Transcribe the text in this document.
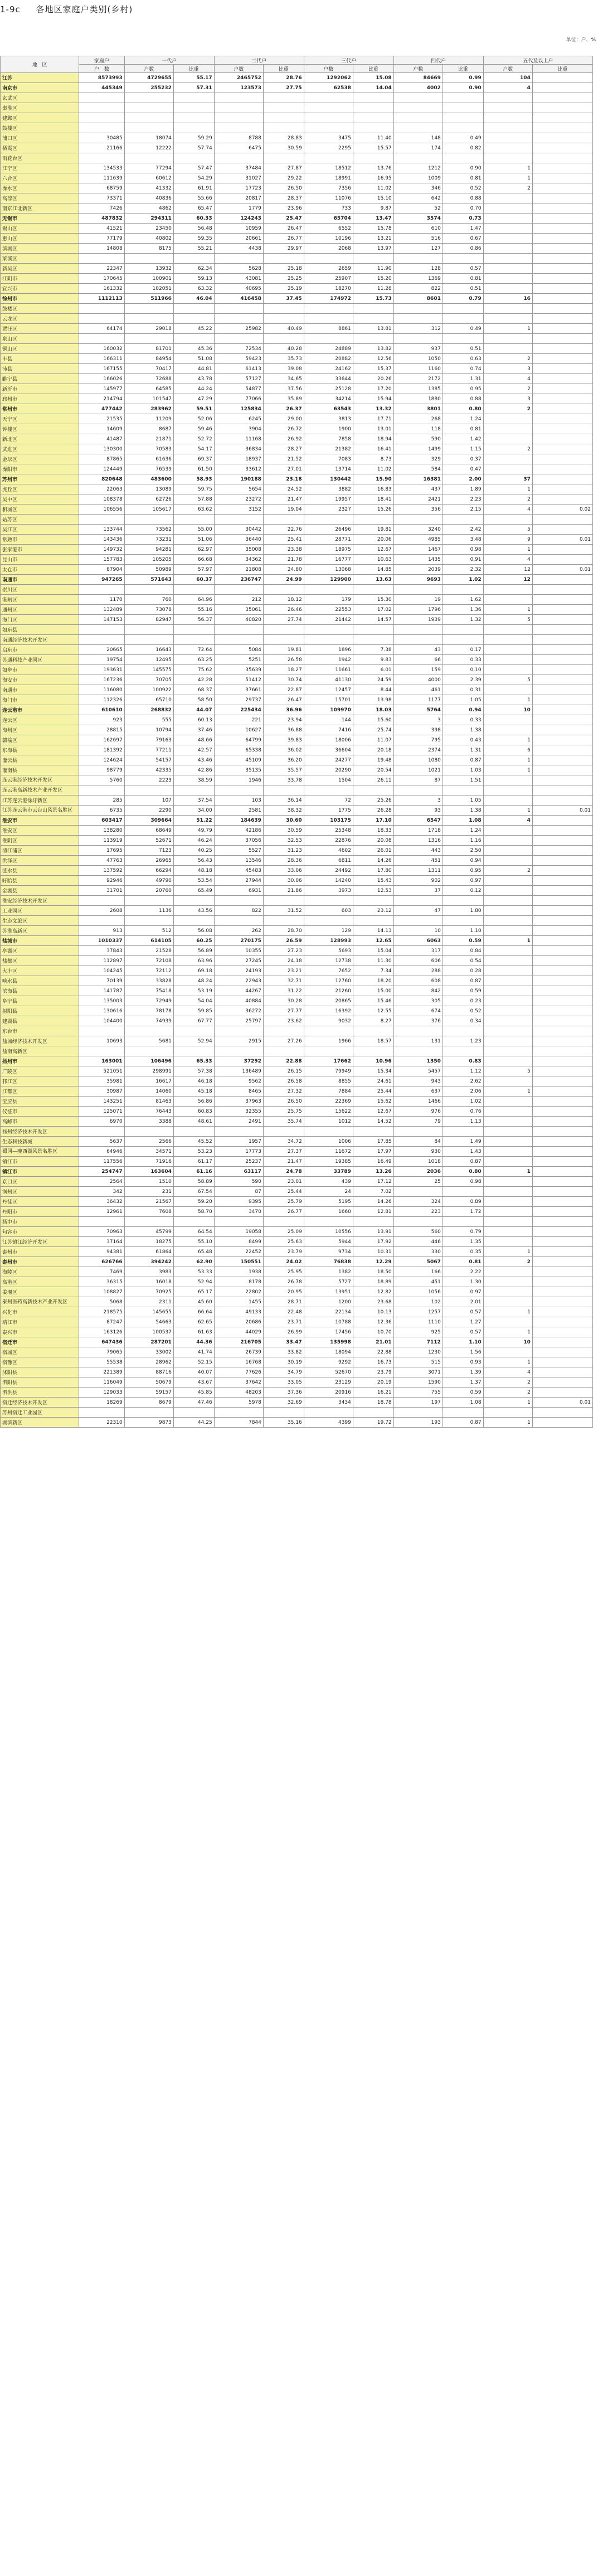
1-9c 各地区家庭户类别(乡村)
单位：户、%
地　区	家庭户	一代户		二代户		三代户		四代户		五代及以上户	
	户　数	户数	比重	户数	比重	户数	比重	户数	比重	户数	比重
江苏	8573993	4729655	55.17	2465752	28.76	1292062	15.08	84669	0.99	104	
南京市	445349	255232	57.31	123573	27.75	62538	14.04	4002	0.90	4	
玄武区											
秦淮区											
建邺区											
鼓楼区											
浦口区	30485	18074	59.29	8788	28.83	3475	11.40	148	0.49		
栖霞区	21166	12222	57.74	6475	30.59	2295	15.57	174	0.82		
雨花台区											
江宁区	134533	77294	57.47	37484	27.87	18512	13.76	1212	0.90	1	
六合区	111639	60612	54.29	31027	29.22	18991	16.95	1009	0.81	1	
溧水区	68759	41332	61.91	17723	26.50	7356	11.02	346	0.52	2	
高淳区	73371	40836	55.66	20817	28.37	11076	15.10	642	0.88		
南京江北新区	7426	4862	65.47	1779	23.96	733	9.87	52	0.70		
无锡市	487832	294311	60.33	124243	25.47	65704	13.47	3574	0.73		
锡山区	41521	23450	56.48	10959	26.47	6552	15.78	610	1.47		
惠山区	77179	40802	59.35	20661	26.77	10196	13.21	516	0.67		
滨湖区	14808	8175	55.21	4438	29.97	2068	13.97	127	0.86		
梁溪区											
新吴区	22347	13932	62.34	5628	25.18	2659	11.90	128	0.57		
江阴市	170645	100901	59.13	43081	25.25	25907	15.20	1369	0.81		
宜兴市	161332	102051	63.32	40695	25.19	18270	11.28	822	0.51		
徐州市	1112113	511966	46.04	416458	37.45	174972	15.73	8601	0.79	16	
鼓楼区											
云龙区											
贾汪区	64174	29018	45.22	25982	40.49	8861	13.81	312	0.49	1	
泉山区											
铜山区	160032	81701	45.36	72534	40.28	24889	13.82	937	0.51		
丰县	166311	84954	51.08	59423	35.73	20882	12.56	1050	0.63	2	
沛县	167155	70417	44.81	61413	39.08	24162	15.37	1160	0.74	3	
睢宁县	166026	72688	43.78	57127	34.65	33644	20.26	2172	1.31	4	
新沂市	145977	64585	44.24	54877	37.56	25128	17.20	1385	0.95	2	
邳州市	214794	101547	47.29	77066	35.89	34214	15.94	1880	0.88	3	
常州市	477442	283962	59.51	125834	26.37	63543	13.32	3801	0.80	2	
天宁区	21535	11209	52.06	6245	29.00	3813	17.71	268	1.24		
钟楼区	14609	8687	59.46	3904	26.72	1900	13.01	118	0.81		
新北区	41487	21871	52.72	11168	26.92	7858	18.94	590	1.42		
武进区	130300	70583	54.17	36834	28.27	21382	16.41	1499	1.15	2	
金坛区	87865	61636	69.37	18937	21.52	7083	8.73	329	0.37		
溧阳市	124449	76539	61.50	33612	27.01	13714	11.02	584	0.47		
苏州市	820648	483600	58.93	190188	23.18	130442	15.90	16381	2.00	37	
虎丘区	22063	13089	59.75	5654	24.52	3882	16.83	437	1.89	1	
吴中区	108378	62726	57.88	23272	21.47	19957	18.41	2421	2.23	2	
相城区	106556	105617	63.62	3152	19.04	2327	15.26	356	2.15	4	0.02
姑苏区											
吴江区	133744	73562	55.00	30442	22.76	26496	19.81	3240	2.42	5	
常熟市	143436	73231	51.06	36440	25.41	28771	20.06	4985	3.48	9	0.01
张家港市	149732	94281	62.97	35008	23.38	18975	12.67	1467	0.98	1	
昆山市	157783	105205	66.68	34362	21.78	16777	10.63	1435	0.91	4	
太仓市	87904	50989	57.97	21808	24.80	13068	14.85	2039	2.32	12	0.01
南通市	947265	571643	60.37	236747	24.99	129900	13.63	9693	1.02	12	
崇川区											
港闸区	1170	760	64.96	212	18.12	179	15.30	19	1.62		
通州区	132489	73078	55.16	35061	26.46	22553	17.02	1796	1.36	1	
海门区	147153	82947	56.37	40820	27.74	21442	14.57	1939	1.32	5	
如东县											
南通经济技术开发区											
启东市	20665	16643	72.64	5084	19.81	1896	7.38	43	0.17		
苏通科技产业园区	19754	12495	63.25	5251	26.58	1942	9.83	66	0.33		
如皋市	193631	145575	75.62	35639	18.27	11661	6.01	159	0.10		
海安市	167236	70705	42.28	51412	30.74	41130	24.59	4000	2.39	5	
南通市	116080	100922	68.37	37661	22.87	12457	8.44	461	0.31		
海门市	112326	65710	58.50	29737	26.47	15701	13.98	1177	1.05	1	
连云港市	610610	268832	44.07	225434	36.96	109970	18.03	5764	0.94	10	
连云区	923	555	60.13	221	23.94	144	15.60	3	0.33		
海州区	28815	10794	37.46	10627	36.88	7416	25.74	398	1.38		
赣榆区	162697	79163	48.66	64799	39.83	18006	11.07	795	0.43	1	
东海县	181392	77211	42.57	65338	36.02	36604	20.18	2374	1.31	6	
灌云县	124624	54157	43.46	45109	36.20	24277	19.48	1080	0.87	1	
灌南县	98779	42335	42.86	35135	35.57	20290	20.54	1021	1.03	1	
连云港经济技术开发区	5760	2223	38.59	1946	33.78	1504	26.11	87	1.51		
连云港高新技术产业开发区											
江苏连云港徐圩新区	285	107	37.54	103	36.14	72	25.26	3	1.05		
江苏连云港市云台山风景名胜区	6735	2290	34.00	2581	38.32	1775	26.28	93	1.38	1	0.01
淮安市	603417	309664	51.22	184639	30.60	103175	17.10	6547	1.08	4	
淮安区	138280	68649	49.79	42186	30.59	25348	18.33	1718	1.24		
淮阴区	113919	52671	46.24	37056	32.53	22876	20.08	1316	1.16		
清江浦区	17695	7123	40.25	5527	31.23	4602	26.01	443	2.50		
洪泽区	47763	26965	56.43	13546	28.36	6811	14.26	451	0.94		
涟水县	137592	66294	48.18	45483	33.06	24492	17.80	1311	0.95	2	
盱眙县	92946	49790	53.54	27944	30.06	14240	15.43	902	0.97		
金湖县	31701	20760	65.49	6931	21.86	3973	12.53	37	0.12		
淮安经济技术开发区											
工业园区	2608	1136	43.56	822	31.52	603	23.12	47	1.80		
生态文旅区											
苏淮高新区	913	512	56.08	262	28.70	129	14.13	10	1.10		
盐城市	1010337	614105	60.25	270175	26.59	128993	12.65	6063	0.59	1	
亭湖区	37843	21528	56.89	10355	27.23	5693	15.04	317	0.84		
盐都区	112897	72108	63.96	27245	24.18	12738	11.30	606	0.54		
大丰区	104245	72112	69.18	24193	23.21	7652	7.34	288	0.28		
响水县	70139	33828	48.24	22943	32.71	12760	18.20	608	0.87		
滨海县	141787	75418	53.19	44267	31.22	21260	15.00	842	0.59		
阜宁县	135003	72949	54.04	40884	30.28	20865	15.46	305	0.23		
射阳县	130616	78178	59.85	36272	27.77	16392	12.55	674	0.52		
建湖县	104400	74939	67.77	25797	23.62	9032	8.27	376	0.34		
东台市											
盐城经济技术开发区	10693	5681	52.94	2915	27.26	1966	18.57	131	1.23		
盐南高新区											
扬州市	163001	106496	65.33	37292	22.88	17662	10.96	1350	0.83		
广陵区	521051	298991	57.38	136489	26.15	79949	15.34	5457	1.12	5	
邗江区	35981	16617	46.18	9562	26.58	8855	24.61	943	2.62		
江都区	30987	14060	45.18	8465	27.32	7884	25.44	637	2.06	1	
宝应县	143251	81463	56.86	37963	26.50	22369	15.62	1466	1.02		
仪征市	125071	76443	60.83	32355	25.75	15622	12.67	976	0.76		
高邮市	6970	3388	48.61	2491	35.74	1012	14.52	79	1.13		
扬州经济技术开发区											
生态科技新城	5637	2566	45.52	1957	34.72	1006	17.85	84	1.49		
蜀冈—瘦西湖风景名胜区	64946	34571	53.23	17773	27.37	11672	17.97	930	1.43		
镇江市	117556	71916	61.17	25237	21.47	19385	16.49	1018	0.87		
镇江市	254747	163604	61.16	63117	24.78	33789	13.26	2036	0.80	1	
京口区	2564	1510	58.89	590	23.01	439	17.12	25	0.98		
润州区	342	231	67.54	87	25.44	24	7.02				
丹徒区	36432	21567	59.20	9395	25.79	5195	14.26	324	0.89		
丹阳市	12961	7608	58.70	3470	26.77	1660	12.81	223	1.72		
扬中市											
句容市	70963	45799	64.54	19058	25.09	10556	13.91	560	0.79		
江苏镇江经济开发区	37164	18275	55.10	8499	25.63	5944	17.92	446	1.35		
泰州市	94381	61864	65.48	22452	23.79	9734	10.31	330	0.35	1	
泰州市	626766	394242	62.90	150551	24.02	76838	12.29	5067	0.81	2	
海陵区	7469	3983	53.33	1938	25.95	1382	18.50	166	2.22		
高港区	36315	16018	52.94	8178	26.78	5727	18.89	451	1.30		
姜堰区	108827	70925	65.17	22802	20.95	13951	12.82	1056	0.97		
泰州医药高新技术产业开发区	5068	2311	45.60	1455	28.71	1200	23.68	102	2.01		
兴化市	218575	145655	66.64	49133	22.48	22134	10.13	1257	0.57	1	
靖江市	87247	54663	62.65	20686	23.71	10788	12.36	1110	1.27		
泰兴市	163126	100537	61.63	44029	26.99	17456	10.70	925	0.57	1	
宿迁市	647436	287201	44.36	216705	33.47	135998	21.01	7112	1.10	10	
宿城区	79065	33002	41.74	26739	33.82	18094	22.88	1230	1.56		
宿豫区	55538	28962	52.15	16768	30.19	9292	16.73	515	0.93	1	
沭阳县	221389	88716	40.07	77626	34.79	52670	23.79	3071	1.39	4	
泗阳县	116049	50679	43.67	37642	33.05	23129	20.19	1590	1.37	2	
泗洪县	129033	59157	45.85	48203	37.36	20916	16.21	755	0.59	2	
宿迁经济技术开发区	18269	8679	47.46	5978	32.69	3434	18.78	197	1.08	1	0.01
苏州宿迁工业园区											
湖滨新区	22310	9873	44.25	7844	35.16	4399	19.72	193	0.87	1	
